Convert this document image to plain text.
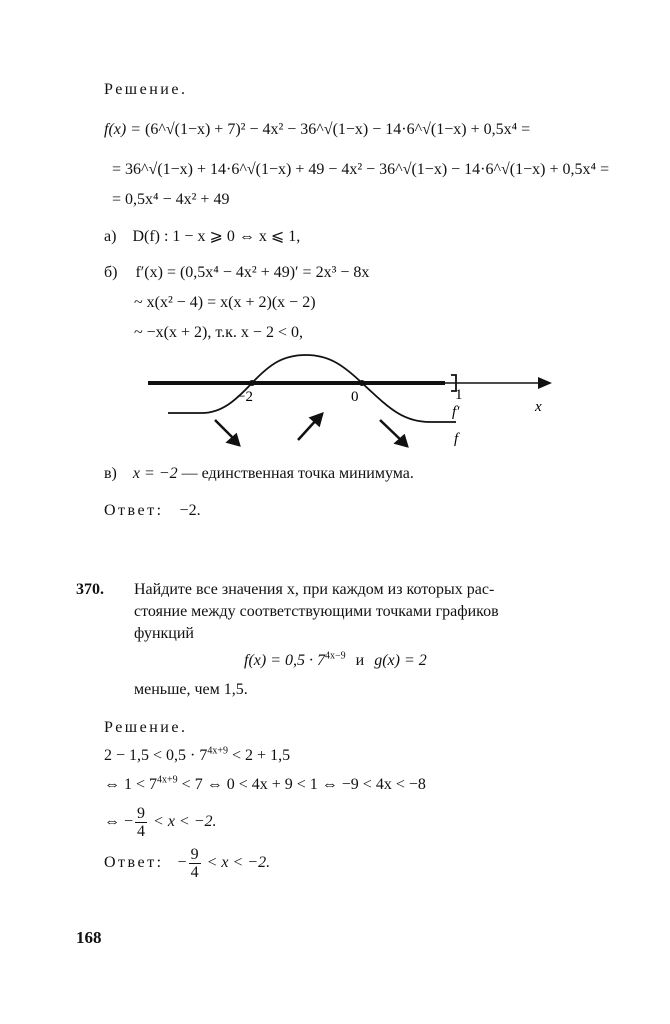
Решение.
f(x) = (6^√(1−x) + 7)² − 4x² − 36^√(1−x) − 14·6^√(1−x) + 0,5x⁴ =
= 36^√(1−x) + 14·6^√(1−x) + 49 − 4x² − 36^√(1−x) − 14·6^√(1−x) + 0,5x⁴ =
= 0,5x⁴ − 4x² + 49
а) D(f) : 1 − x ⩾ 0 ⇔ x ⩽ 1,
б) f′(x) = (0,5x⁴ − 4x² + 49)′ = 2x³ − 8x
~ x(x² − 4) = x(x + 2)(x − 2)
~ −x(x + 2), т.к. x − 2 < 0,
−2	0	1
x
f′
f
в) x = −2 — единственная точка минимума.
Ответ: −2.
370. Найдите все значения x, при каждом из которых рас-
стояние между соответствующими точками графиков
функций
$f(x) = 0,5 \cdot 7^{4x-9}$ и g(x) = 2
меньше, чем 1,5.
Решение.
$2 - 1,5 < 0,5 \cdot 7^{4x+9} < 2 + 1,5$
⇔ $1 < 7^{4x+9} < 7$ ⇔ 0 < 4x + 9 < 1 ⇔ −9 < 4x < −8
⇔ − $\frac{9}{4} < x < -2$.
Ответ: − $\frac{9}{4} < x < -2$.
168
